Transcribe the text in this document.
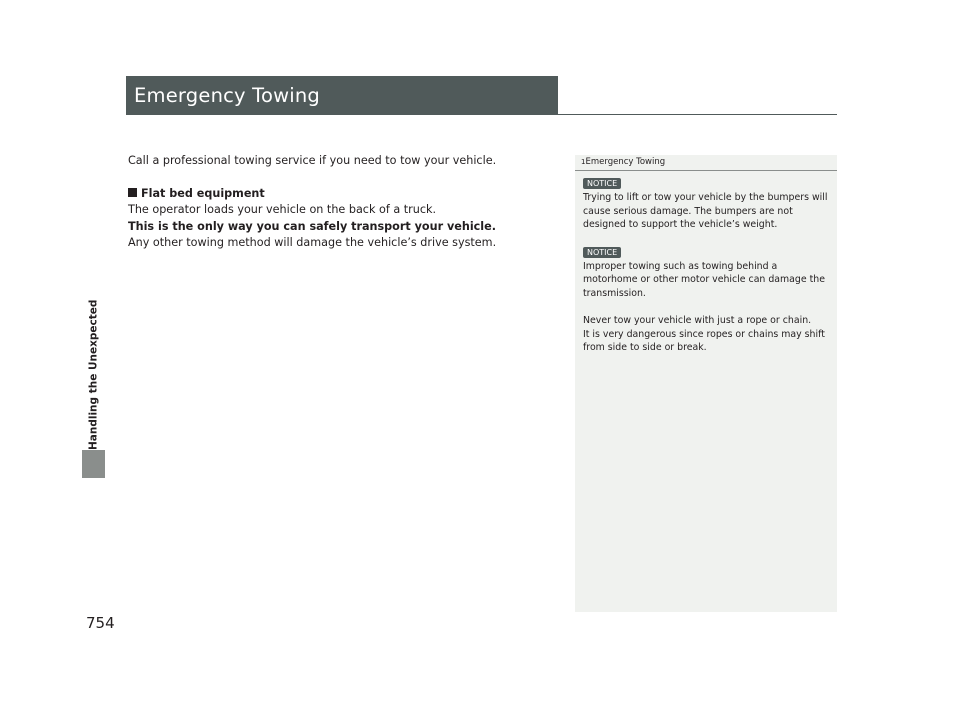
Handling the Unexpected
754
Emergency Towing

Call a professional towing service if you need to tow your vehicle.

Flat bed equipment

The operator loads your vehicle on the back of a truck.

This is the only way you can safely transport your vehicle.

Any other towing method will damage the vehicle’s drive system.

1Emergency Towing
NOTICE

Trying to lift or tow your vehicle by the bumpers will cause serious damage. The bumpers are not designed to support the vehicle’s weight.

NOTICE

Improper towing such as towing behind a motorhome or other motor vehicle can damage the transmission.

Never tow your vehicle with just a rope or chain.

It is very dangerous since ropes or chains may shift from side to side or break.
